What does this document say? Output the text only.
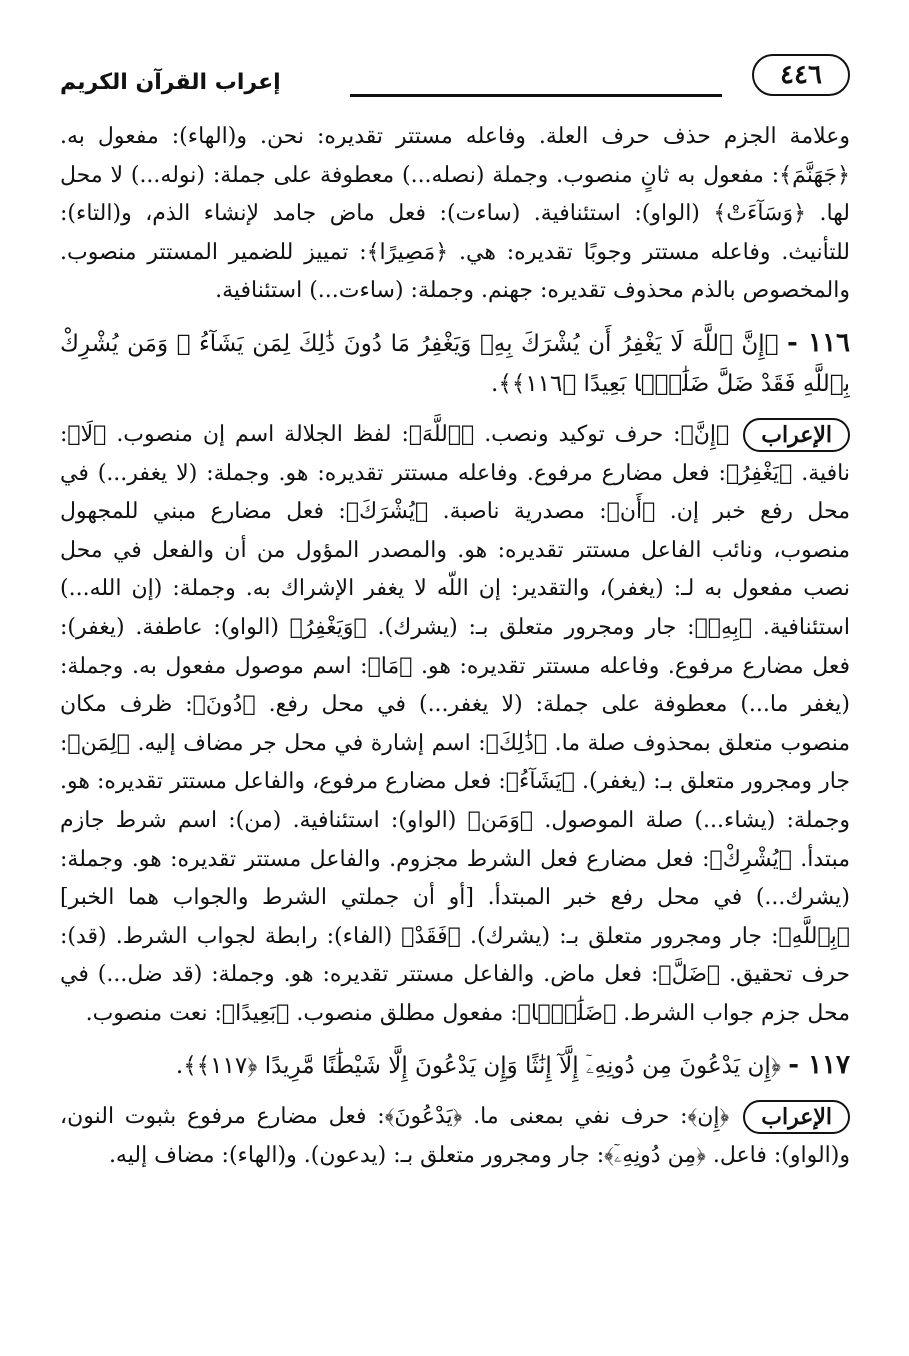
٤٤٦
إعراب القرآن الكريم

وعلامة الجزم حذف حرف العلة. وفاعله مستتر تقديره: نحن. و(الهاء): مفعول به. ﴿جَهَنَّمَ﴾: مفعول به ثانٍ منصوب. وجملة (نصله...) معطوفة على جملة: (نوله...) لا محل لها. ﴿وَسَآءَتْ﴾ (الواو): استئنافية. (ساءت): فعل ماض جامد لإنشاء الذم، و(التاء): للتأنيث. وفاعله مستتر وجوبًا تقديره: هي. ﴿مَصِيرًا﴾: تمييز للضمير المستتر منصوب. والمخصوص بالذم محذوف تقديره: جهنم. وجملة: (ساءت...) استئنافية.

١١٦ - ﴿إِنَّ ٱللَّهَ لَا يَغْفِرُ أَن يُشْرَكَ بِهِۦ وَيَغْفِرُ مَا دُونَ ذَٰلِكَ لِمَن يَشَآءُ ۚ وَمَن يُشْرِكْ بِٱللَّهِ فَقَدْ ضَلَّ ضَلَٰلًۢا بَعِيدًا ﴿١١٦﴾﴾.

الإعراب
﴿إِنَّ﴾: حرف توكيد ونصب. ﴿ٱللَّهَ﴾: لفظ الجلالة اسم إن منصوب. ﴿لَا﴾: نافية. ﴿يَغْفِرُ﴾: فعل مضارع مرفوع. وفاعله مستتر تقديره: هو. وجملة: (لا يغفر...) في محل رفع خبر إن. ﴿أَن﴾: مصدرية ناصبة. ﴿يُشْرَكَ﴾: فعل مضارع مبني للمجهول منصوب، ونائب الفاعل مستتر تقديره: هو. والمصدر المؤول من أن والفعل في محل نصب مفعول به لـ: (يغفر)، والتقدير: إن اللّه لا يغفر الإشراك به. وجملة: (إن الله...) استئنافية. ﴿بِهِۦ﴾: جار ومجرور متعلق بـ: (يشرك). ﴿وَيَغْفِرُ﴾ (الواو): عاطفة. (يغفر): فعل مضارع مرفوع. وفاعله مستتر تقديره: هو. ﴿مَا﴾: اسم موصول مفعول به. وجملة: (يغفر ما...) معطوفة على جملة: (لا يغفر...) في محل رفع. ﴿دُونَ﴾: ظرف مكان منصوب متعلق بمحذوف صلة ما. ﴿ذَٰلِكَ﴾: اسم إشارة في محل جر مضاف إليه. ﴿لِمَن﴾: جار ومجرور متعلق بـ: (يغفر). ﴿يَشَآءُ﴾: فعل مضارع مرفوع، والفاعل مستتر تقديره: هو. وجملة: (يشاء...) صلة الموصول. ﴿وَمَن﴾ (الواو): استئنافية. (من): اسم شرط جازم مبتدأ. ﴿يُشْرِكْ﴾: فعل مضارع فعل الشرط مجزوم. والفاعل مستتر تقديره: هو. وجملة: (يشرك...) في محل رفع خبر المبتدأ. [أو أن جملتي الشرط والجواب هما الخبر] ﴿بِٱللَّهِ﴾: جار ومجرور متعلق بـ: (يشرك). ﴿فَقَدْ﴾ (الفاء): رابطة لجواب الشرط. (قد): حرف تحقيق. ﴿ضَلَّ﴾: فعل ماض. والفاعل مستتر تقديره: هو. وجملة: (قد ضل...) في محل جزم جواب الشرط. ﴿ضَلَٰلًۢا﴾: مفعول مطلق منصوب. ﴿بَعِيدًا﴾: نعت منصوب.

١١٧ - ﴿إِن يَدْعُونَ مِن دُونِهِۦٓ إِلَّآ إِنَٰثًا وَإِن يَدْعُونَ إِلَّا شَيْطَٰنًا مَّرِيدًا ﴿١١٧﴾﴾.

الإعراب
﴿إِن﴾: حرف نفي بمعنى ما. ﴿يَدْعُونَ﴾: فعل مضارع مرفوع بثبوت النون، و(الواو): فاعل. ﴿مِن دُونِهِۦٓ﴾: جار ومجرور متعلق بـ: (يدعون). و(الهاء): مضاف إليه.
